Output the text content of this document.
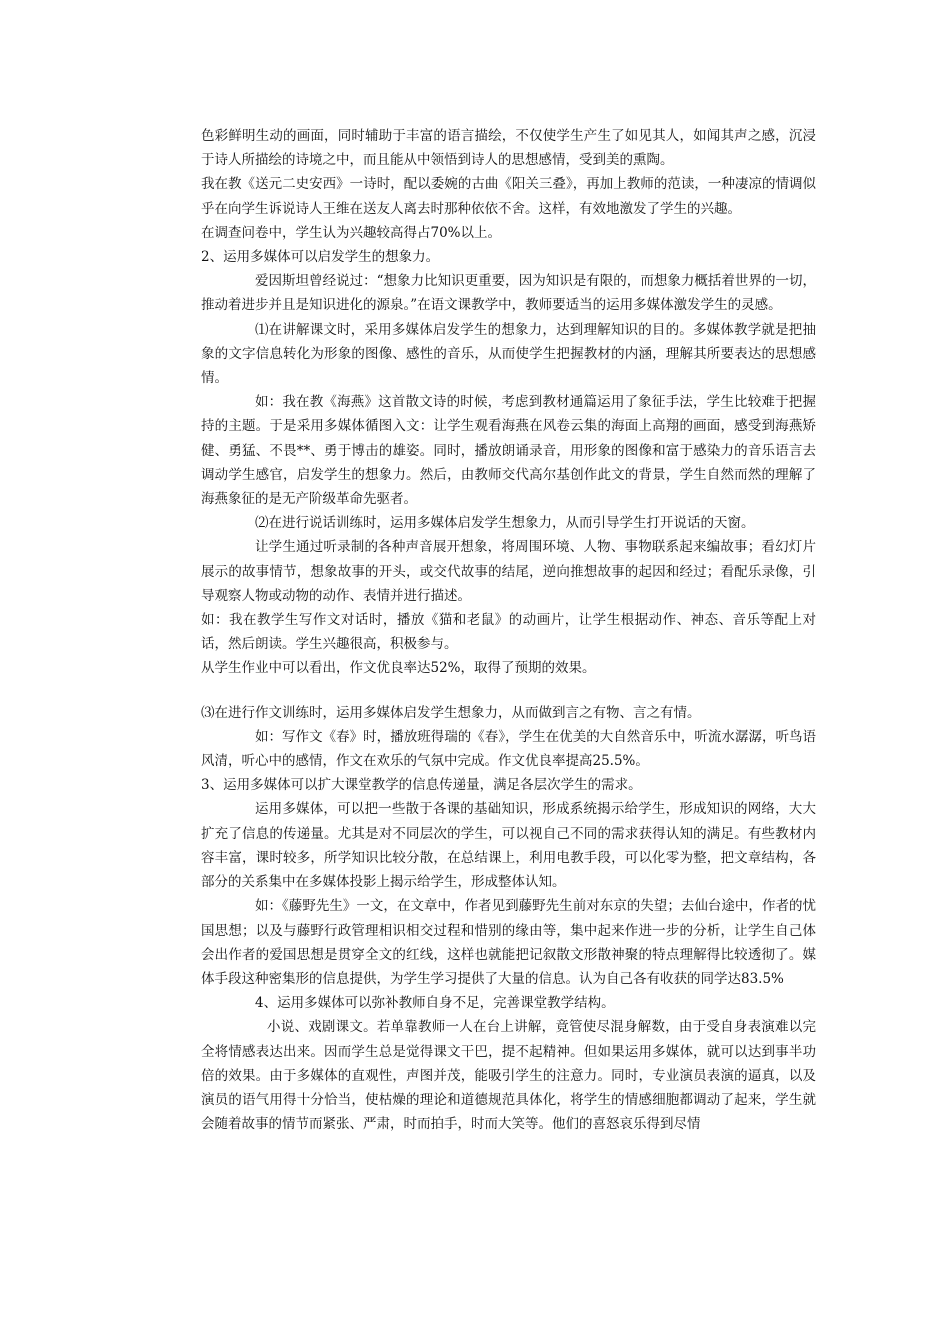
色彩鲜明生动的画面，同时辅助于丰富的语言描绘，不仅使学生产生了如见其人，如闻其声之感，沉浸于诗人所描绘的诗境之中，而且能从中领悟到诗人的思想感情，受到美的熏陶。

我在教《送元二史安西》一诗时，配以委婉的古曲《阳关三叠》，再加上教师的范读，一种凄凉的情调似乎在向学生诉说诗人王维在送友人离去时那种依依不舍。这样，有效地激发了学生的兴趣。

在调查问卷中，学生认为兴趣较高得占70%以上。

2、运用多媒体可以启发学生的想象力。

爱因斯坦曾经说过：“想象力比知识更重要，因为知识是有限的，而想象力概括着世界的一切，推动着进步并且是知识进化的源泉。”在语文课教学中，教师要适当的运用多媒体激发学生的灵感。

⑴在讲解课文时，采用多媒体启发学生的想象力，达到理解知识的目的。多媒体教学就是把抽象的文字信息转化为形象的图像、感性的音乐，从而使学生把握教材的内涵，理解其所要表达的思想感情。

如：我在教《海燕》这首散文诗的时候，考虑到教材通篇运用了象征手法，学生比较难于把握持的主题。于是采用多媒体循图入文：让学生观看海燕在风卷云集的海面上高翔的画面，感受到海燕矫健、勇猛、不畏**、勇于博击的雄姿。同时，播放朗诵录音，用形象的图像和富于感染力的音乐语言去调动学生感官，启发学生的想象力。然后，由教师交代高尔基创作此文的背景，学生自然而然的理解了海燕象征的是无产阶级革命先驱者。

⑵在进行说话训练时，运用多媒体启发学生想象力，从而引导学生打开说话的天窗。

让学生通过听录制的各种声音展开想象，将周围环境、人物、事物联系起来编故事；看幻灯片展示的故事情节，想象故事的开头，或交代故事的结尾，逆向推想故事的起因和经过；看配乐录像，引导观察人物或动物的动作、表情并进行描述。

如：我在教学生写作文对话时，播放《猫和老鼠》的动画片，让学生根据动作、神态、音乐等配上对话，然后朗读。学生兴趣很高，积极参与。

从学生作业中可以看出，作文优良率达52%，取得了预期的效果。

⑶在进行作文训练时，运用多媒体启发学生想象力，从而做到言之有物、言之有情。

如：写作文《春》时，播放班得瑞的《春》，学生在优美的大自然音乐中，听流水潺潺，听鸟语风清，听心中的感情，作文在欢乐的气氛中完成。作文优良率提高25.5%。

3、运用多媒体可以扩大课堂教学的信息传递量，满足各层次学生的需求。

运用多媒体，可以把一些散于各课的基础知识，形成系统揭示给学生，形成知识的网络，大大扩充了信息的传递量。尤其是对不同层次的学生，可以视自己不同的需求获得认知的满足。有些教材内容丰富，课时较多，所学知识比较分散，在总结课上，利用电教手段，可以化零为整，把文章结构，各部分的关系集中在多媒体投影上揭示给学生，形成整体认知。

如：《藤野先生》一文，在文章中，作者见到藤野先生前对东京的失望；去仙台途中，作者的忧国思想；以及与藤野行政管理相识相交过程和惜别的缘由等，集中起来作进一步的分析，让学生自己体会出作者的爱国思想是贯穿全文的红线，这样也就能把记叙散文形散神聚的特点理解得比较透彻了。媒体手段这种密集形的信息提供，为学生学习提供了大量的信息。认为自己各有收获的同学达83.5%

4、运用多媒体可以弥补教师自身不足，完善课堂教学结构。

小说、戏剧课文。若单靠教师一人在台上讲解，竟管使尽混身解数，由于受自身表演难以完全将情感表达出来。因而学生总是觉得课文干巴，提不起精神。但如果运用多媒体，就可以达到事半功倍的效果。由于多媒体的直观性，声图并茂，能吸引学生的注意力。同时，专业演员表演的逼真，以及演员的语气用得十分恰当，使枯燥的理论和道德规范具体化，将学生的情感细胞都调动了起来，学生就会随着故事的情节而紧张、严肃，时而拍手，时而大笑等。他们的喜怒哀乐得到尽情
